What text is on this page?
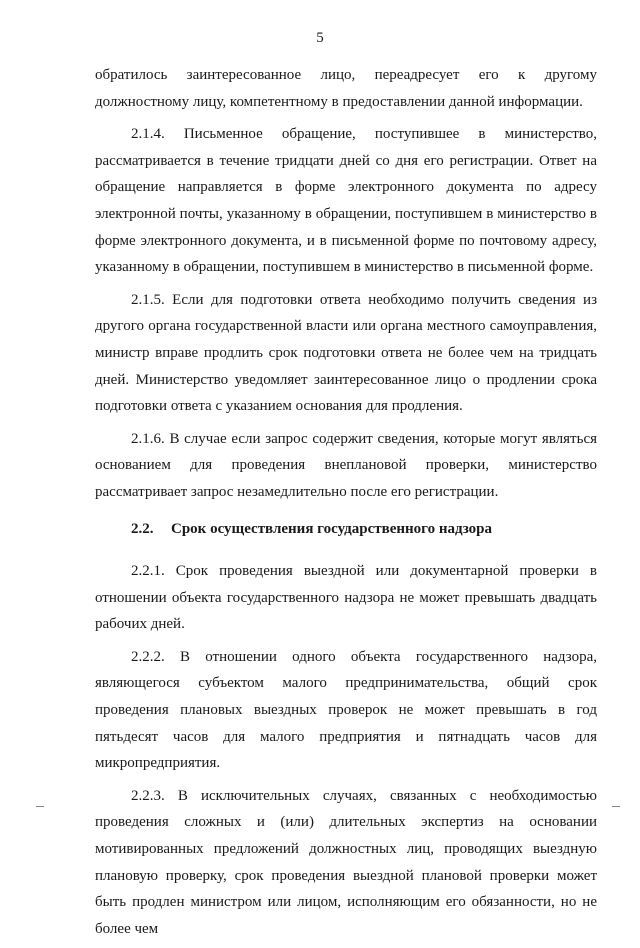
5

обратилось заинтересованное лицо, переадресует его к другому должностному лицу, компетентному в предоставлении данной информации.

2.1.4. Письменное обращение, поступившее в министерство, рассматривается в течение тридцати дней со дня его регистрации. Ответ на обращение направляется в форме электронного документа по адресу электронной почты, указанному в обращении, поступившем в министерство в форме электронного документа, и в письменной форме по почтовому адресу, указанному в обращении, поступившем в министерство в письменной форме.

2.1.5. Если для подготовки ответа необходимо получить сведения из другого органа государственной власти или органа местного самоуправления, министр вправе продлить срок подготовки ответа не более чем на тридцать дней. Министерство уведомляет заинтересованное лицо о продлении срока подготовки ответа с указанием основания для продления.

2.1.6. В случае если запрос содержит сведения, которые могут являться основанием для проведения внеплановой проверки, министерство рассматривает запрос незамедлительно после его регистрации.

2.2. Срок осуществления государственного надзора

2.2.1. Срок проведения выездной или документарной проверки в отношении объекта государственного надзора не может превышать двадцать рабочих дней.

2.2.2. В отношении одного объекта государственного надзора, являющегося субъектом малого предпринимательства, общий срок проведения плановых выездных проверок не может превышать в год пятьдесят часов для малого предприятия и пятнадцать часов для микропредприятия.

2.2.3. В исключительных случаях, связанных с необходимостью проведения сложных и (или) длительных экспертиз на основании мотивированных предложений должностных лиц, проводящих выездную плановую проверку, срок проведения выездной плановой проверки может быть продлен министром или лицом, исполняющим его обязанности, но не более чем
